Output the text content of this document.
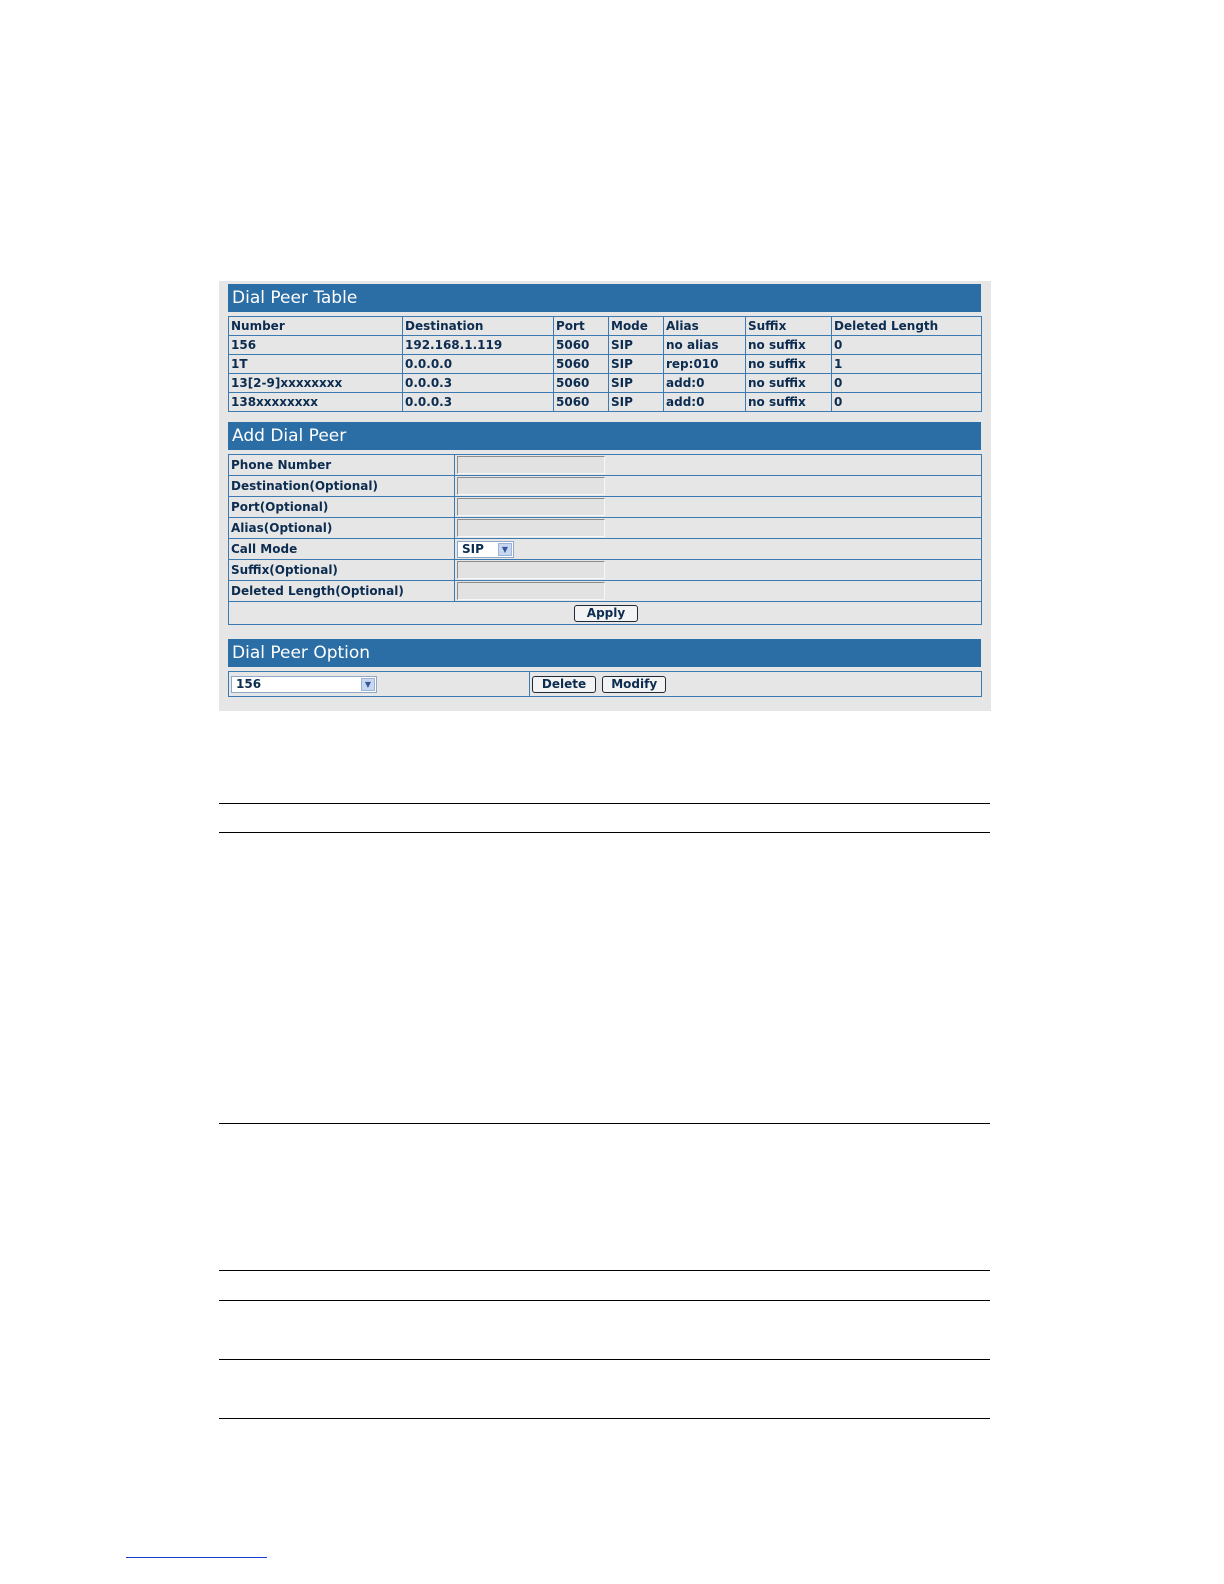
Dial Peer Table
Number	Destination	Port	Mode	Alias	Suffix	Deleted Length
156	192.168.1.119	5060	SIP	no alias	no suffix	0
1T	0.0.0.0	5060	SIP	rep:010	no suffix	1
13[2-9]xxxxxxxx	0.0.0.3	5060	SIP	add:0	no suffix	0
138xxxxxxxx	0.0.0.3	5060	SIP	add:0	no suffix	0
Add Dial Peer
Phone Number	
Destination(Optional)	
Port(Optional)	
Alias(Optional)	
Call Mode	SIP ▼

Suffix(Optional)	
Deleted Length(Optional)	
Apply	
Dial Peer Option
156	▼	Delete Modify
